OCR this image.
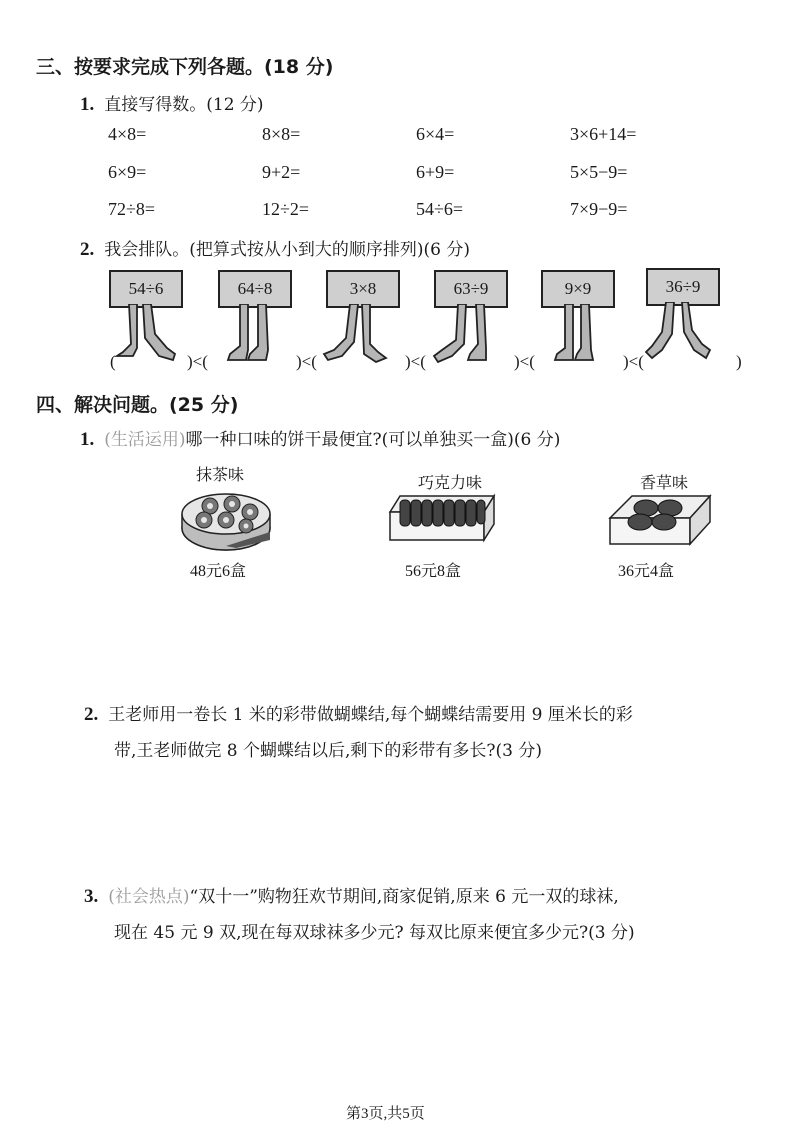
三、按要求完成下列各题。(18 分)
1. 直接写得数。(12 分)
4×8=	8×8=	6×4=	3×6+14=
6×9=	9+2=	6+9=	5×5−9=
72÷8=	12÷2=	54÷6=	7×9−9=
2. 我会排队。(把算式按从小到大的顺序排列)(6 分)
54÷6	64÷8	3×8	63÷9	9×9	36÷9
(	)<(	)<(	)<(	)<(	)<(	)
四、解决问题。(25 分)
1. (生活运用)哪一种口味的饼干最便宜?(可以单独买一盒)(6 分)
抹茶味	巧克力味	香草味
48元6盒	56元8盒	36元4盒
2. 王老师用一卷长 1 米的彩带做蝴蝶结,每个蝴蝶结需要用 9 厘米长的彩
带,王老师做完 8 个蝴蝶结以后,剩下的彩带有多长?(3 分)
3. (社会热点)“双十一”购物狂欢节期间,商家促销,原来 6 元一双的球袜,
现在 45 元 9 双,现在每双球袜多少元? 每双比原来便宜多少元?(3 分)
第3页,共5页
